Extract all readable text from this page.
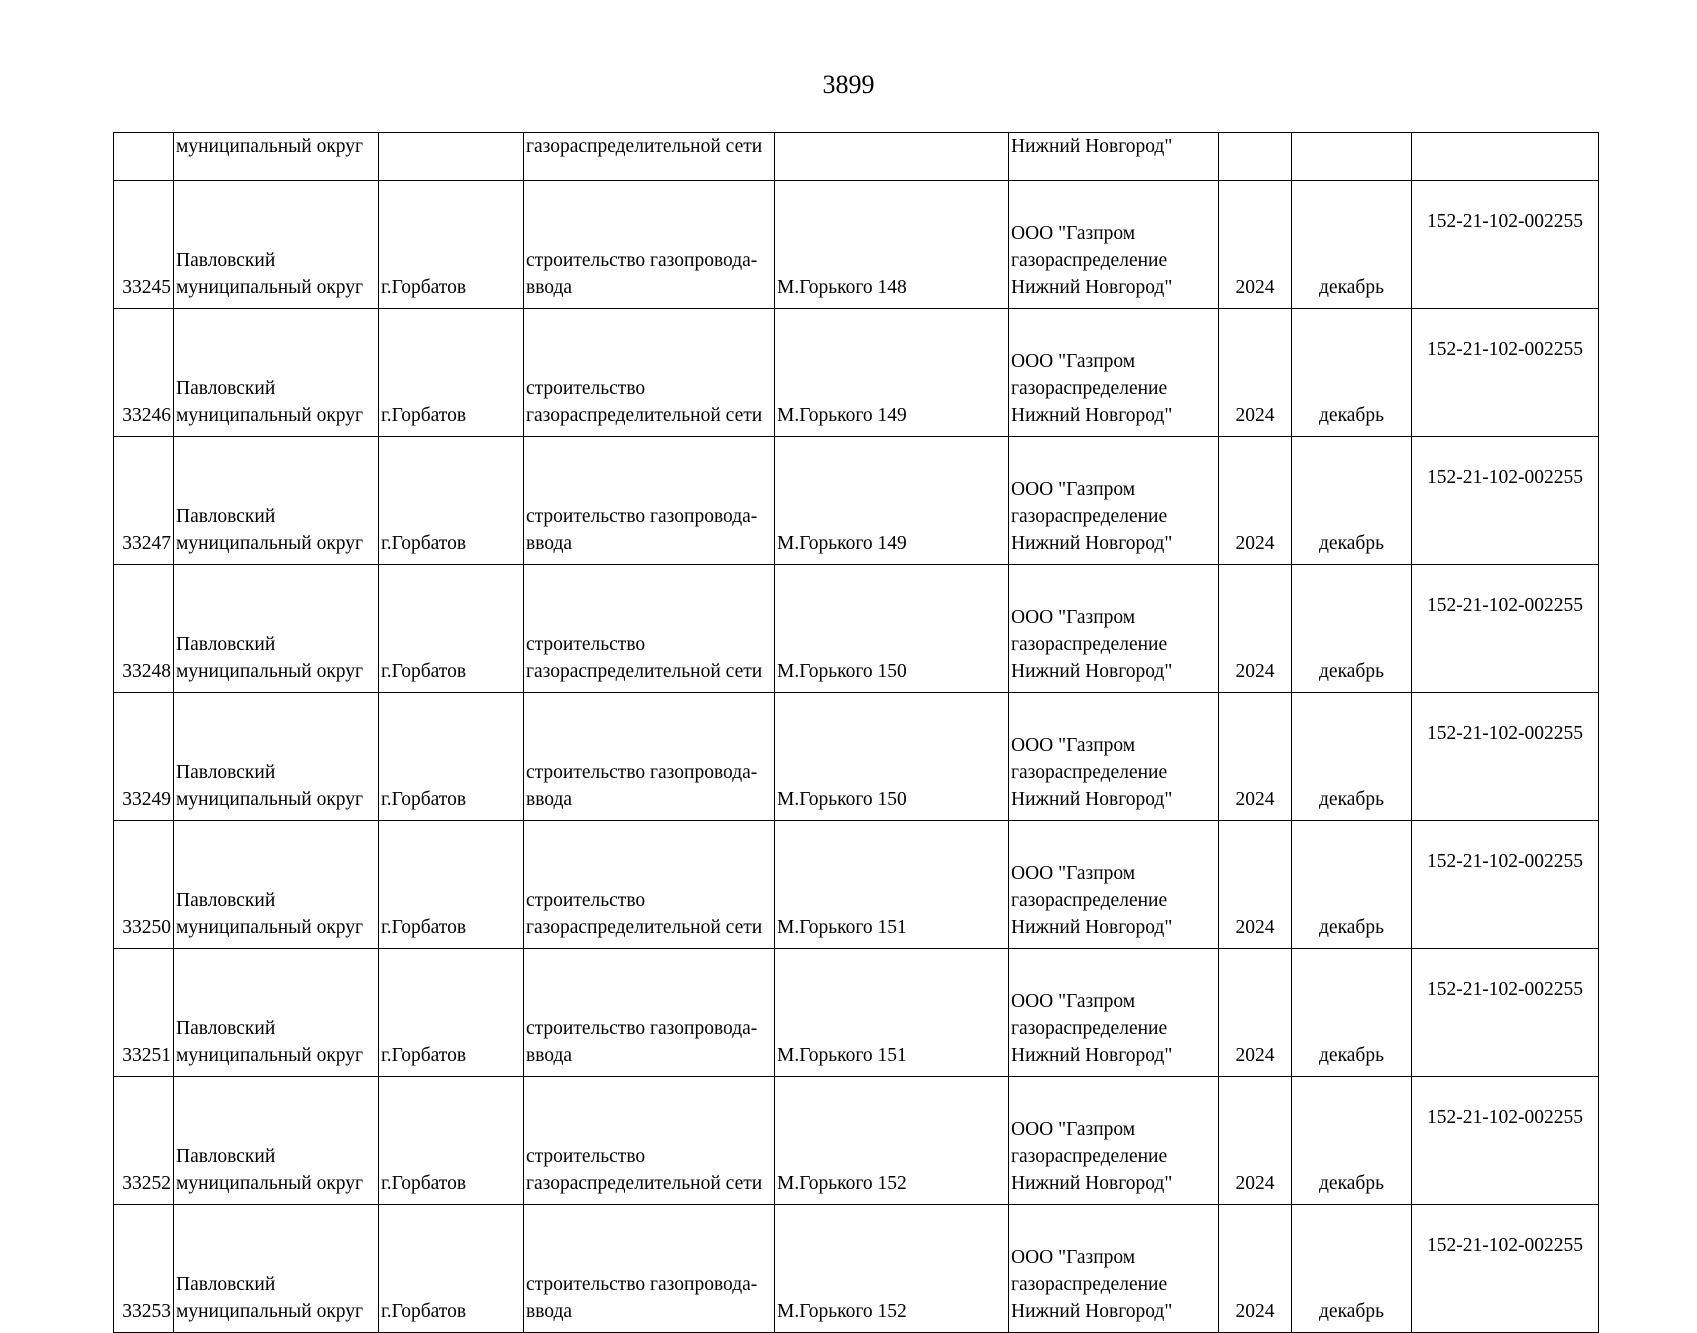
3899
	муниципальный округ		газораспределительной сети		Нижний Новгород"			
33245	Павловский
муниципальный округ	г.Горбатов	строительство газопровода-
ввода	М.Горького 148	ООО "Газпром
газораспределение
Нижний Новгород"	2024	декабрь	152-21-102-002255
33246	Павловский
муниципальный округ	г.Горбатов	строительство
газораспределительной сети	М.Горького 149	ООО "Газпром
газораспределение
Нижний Новгород"	2024	декабрь	152-21-102-002255
33247	Павловский
муниципальный округ	г.Горбатов	строительство газопровода-
ввода	М.Горького 149	ООО "Газпром
газораспределение
Нижний Новгород"	2024	декабрь	152-21-102-002255
33248	Павловский
муниципальный округ	г.Горбатов	строительство
газораспределительной сети	М.Горького 150	ООО "Газпром
газораспределение
Нижний Новгород"	2024	декабрь	152-21-102-002255
33249	Павловский
муниципальный округ	г.Горбатов	строительство газопровода-
ввода	М.Горького 150	ООО "Газпром
газораспределение
Нижний Новгород"	2024	декабрь	152-21-102-002255
33250	Павловский
муниципальный округ	г.Горбатов	строительство
газораспределительной сети	М.Горького 151	ООО "Газпром
газораспределение
Нижний Новгород"	2024	декабрь	152-21-102-002255
33251	Павловский
муниципальный округ	г.Горбатов	строительство газопровода-
ввода	М.Горького 151	ООО "Газпром
газораспределение
Нижний Новгород"	2024	декабрь	152-21-102-002255
33252	Павловский
муниципальный округ	г.Горбатов	строительство
газораспределительной сети	М.Горького 152	ООО "Газпром
газораспределение
Нижний Новгород"	2024	декабрь	152-21-102-002255
33253	Павловский
муниципальный округ	г.Горбатов	строительство газопровода-
ввода	М.Горького 152	ООО "Газпром
газораспределение
Нижний Новгород"	2024	декабрь	152-21-102-002255
